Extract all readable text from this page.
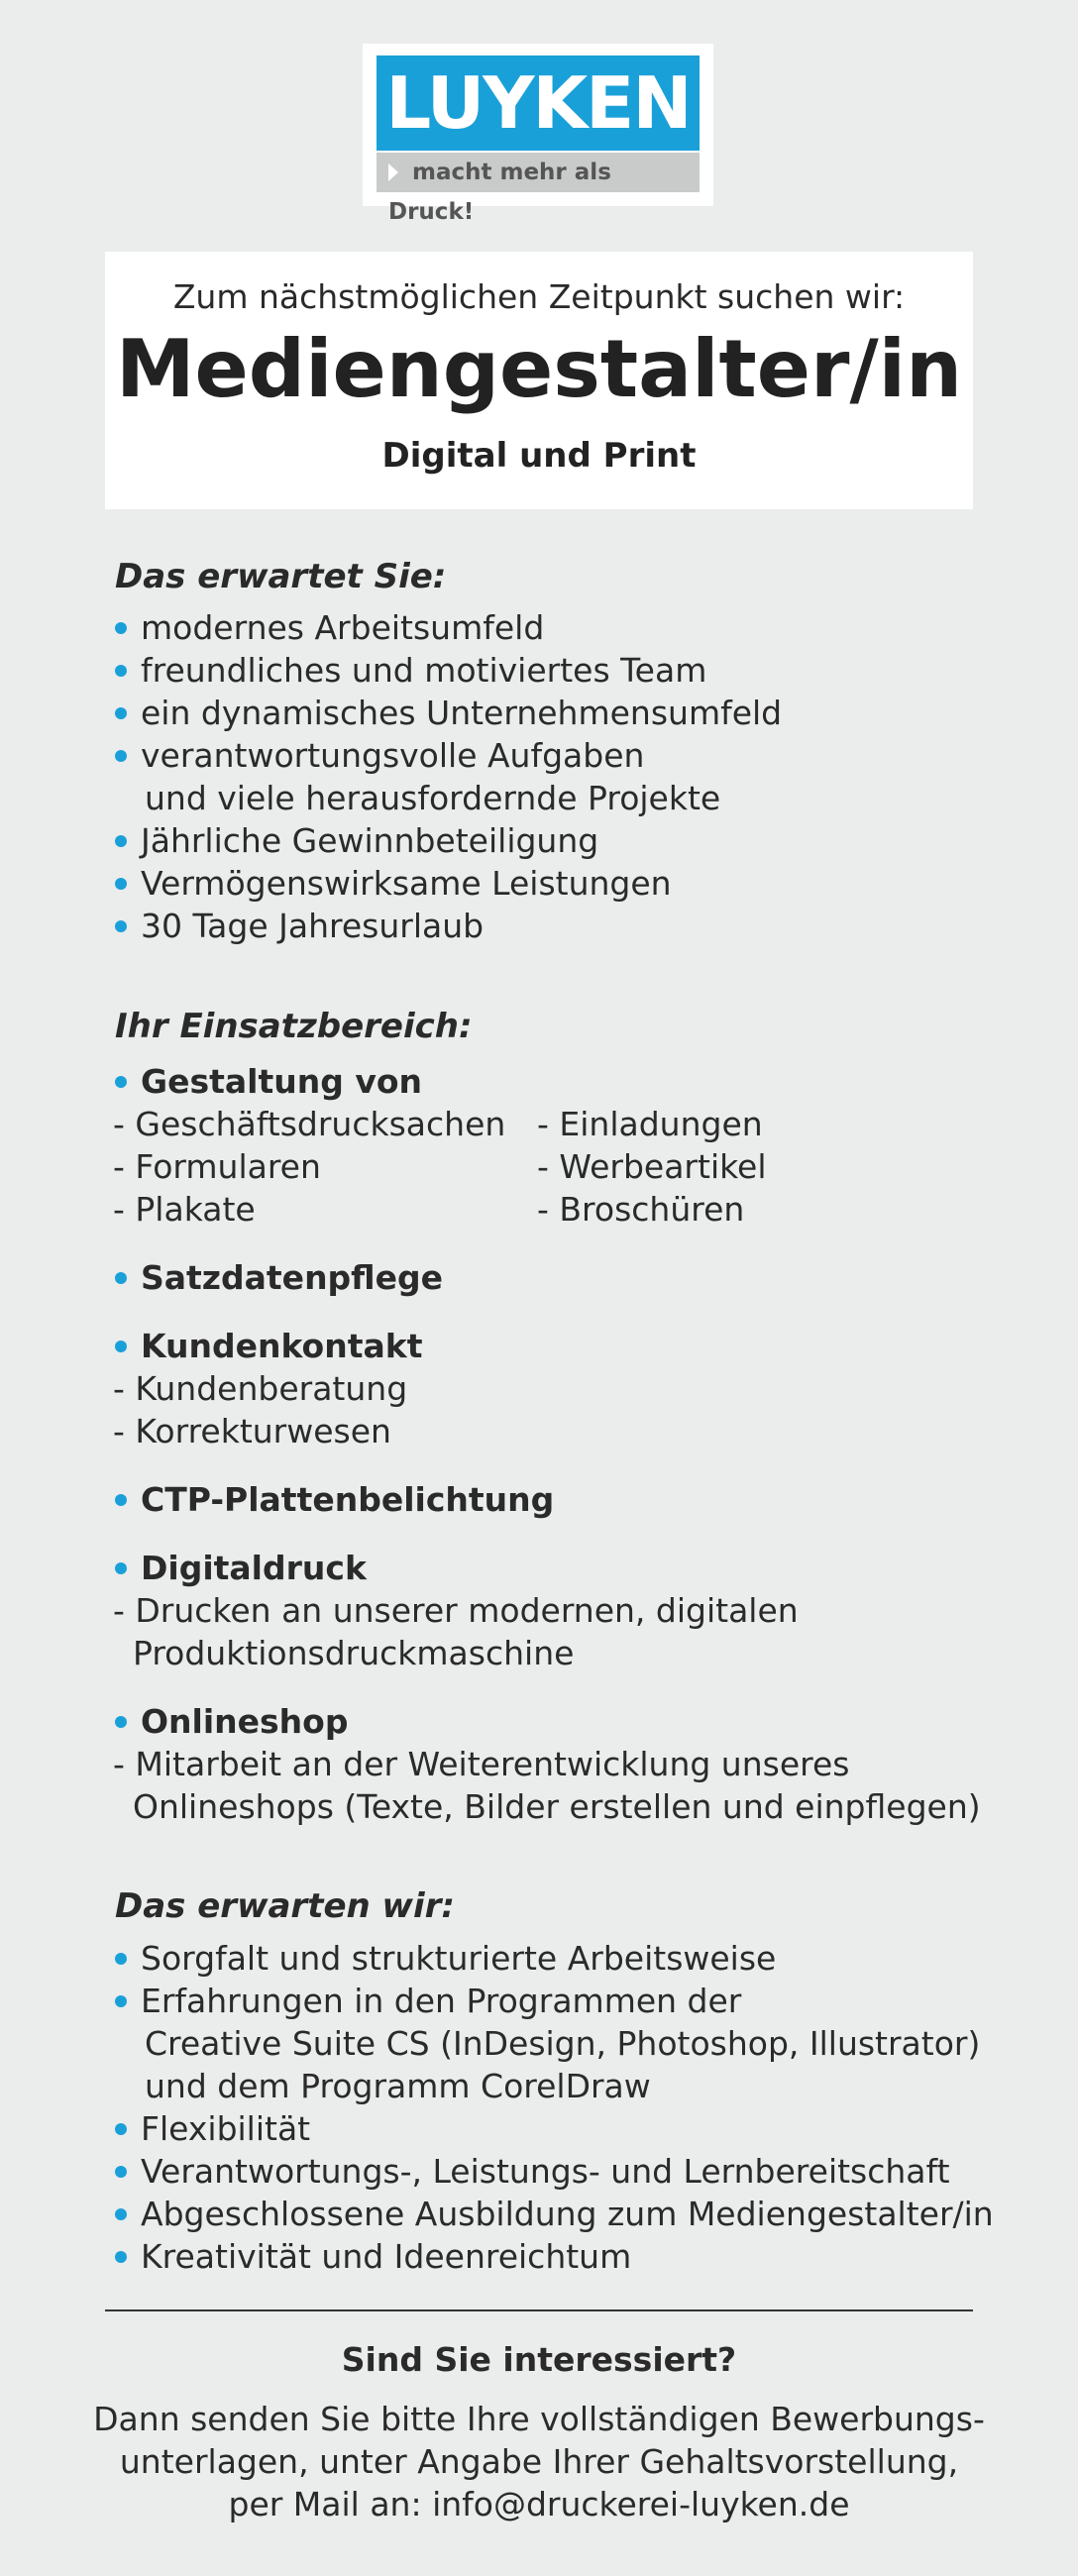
LUYKEN
macht mehr als Druck!
Zum nächstmöglichen Zeitpunkt suchen wir:
Mediengestalter/in
Digital und Print
Das erwartet Sie:
modernes Arbeitsumfeld
freundliches und motiviertes Team
ein dynamisches Unternehmensumfeld
verantwortungsvolle Aufgaben
und viele herausfordernde Projekte
Jährliche Gewinnbeteiligung
Vermögenswirksame Leistungen
30 Tage Jahresurlaub
Ihr Einsatzbereich:
Gestaltung von
- Geschäftsdrucksachen
- Formularen
- Plakate
- Einladungen
- Werbeartikel
- Broschüren
Satzdatenpflege
Kundenkontakt
- Kundenberatung
- Korrekturwesen
CTP-Plattenbelichtung
Digitaldruck
- Drucken an unserer modernen, digitalen
Produktionsdruckmaschine
Onlineshop
- Mitarbeit an der Weiterentwicklung unseres
Onlineshops (Texte, Bilder erstellen und einpflegen)
Das erwarten wir:
Sorgfalt und strukturierte Arbeitsweise
Erfahrungen in den Programmen der
Creative Suite CS (InDesign, Photoshop, Illustrator)
und dem Programm CorelDraw
Flexibilität
Verantwortungs-, Leistungs- und Lernbereitschaft
Abgeschlossene Ausbildung zum Mediengestalter/in
Kreativität und Ideenreichtum
Sind Sie interessiert?
Dann senden Sie bitte Ihre vollständigen Bewerbungs-
unterlagen, unter Angabe Ihrer Gehaltsvorstellung,
per Mail an: info@druckerei-luyken.de
